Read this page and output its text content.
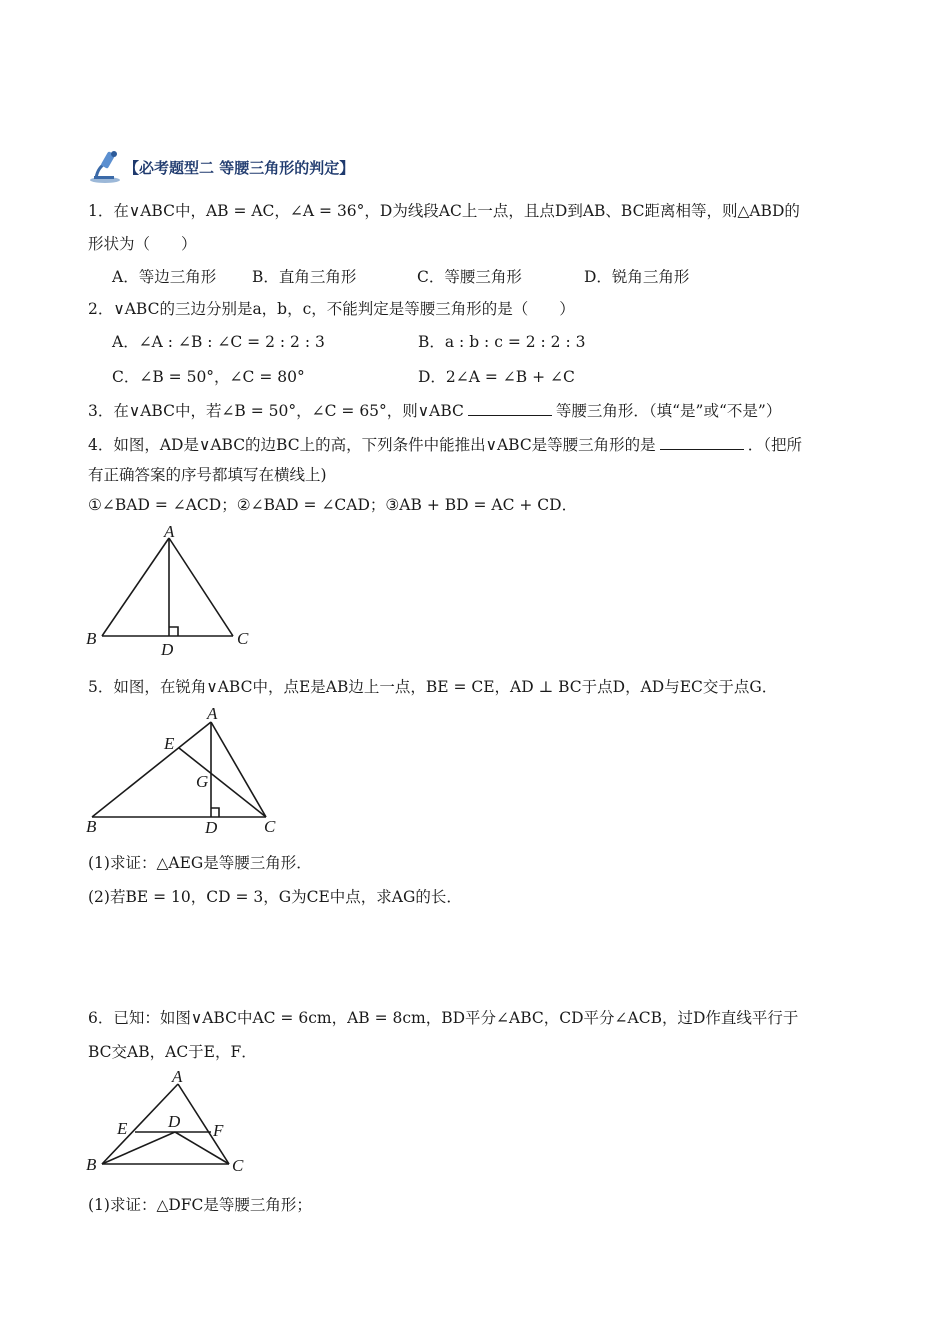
【必考题型二 等腰三角形的判定】
1．在∨ABC中，AB = AC，∠A = 36°，D为线段AC上一点，且点D到AB、BC距离相等，则△ABD的
形状为（　　）
A．等边三角形 B．直角三角形	C．等腰三角形	D．锐角三角形
2．∨ABC的三边分别是a，b，c，不能判定是等腰三角形的是（　　）
A．∠A : ∠B : ∠C = 2 : 2 : 3	B．a : b : c = 2 : 2 : 3
C．∠B = 50°，∠C = 80°	D．2∠A = ∠B + ∠C
3．在∨ABC中，若∠B = 50°，∠C = 65°，则∨ABC	等腰三角形．（填“是”或“不是”）
4．如图，AD是∨ABC的边BC上的高，下列条件中能推出∨ABC是等腰三角形的是	．（把所
有正确答案的序号都填写在横线上)
①∠BAD = ∠ACD；②∠BAD = ∠CAD；③AB + BD = AC + CD．
A
B	C
D
5．如图，在锐角∨ABC中，点E是AB边上一点，BE = CE，AD ⊥ BC于点D，AD与EC交于点G．
A
E
G
B	D	C
(1)求证：△AEG是等腰三角形．
(2)若BE = 10，CD = 3，G为CE中点，求AG的长．
6．已知：如图∨ABC中AC = 6cm，AB = 8cm，BD平分∠ABC，CD平分∠ACB，过D作直线平行于
BC交AB，AC于E，F．
A
D
E	F
B	C
(1)求证：△DFC是等腰三角形；
